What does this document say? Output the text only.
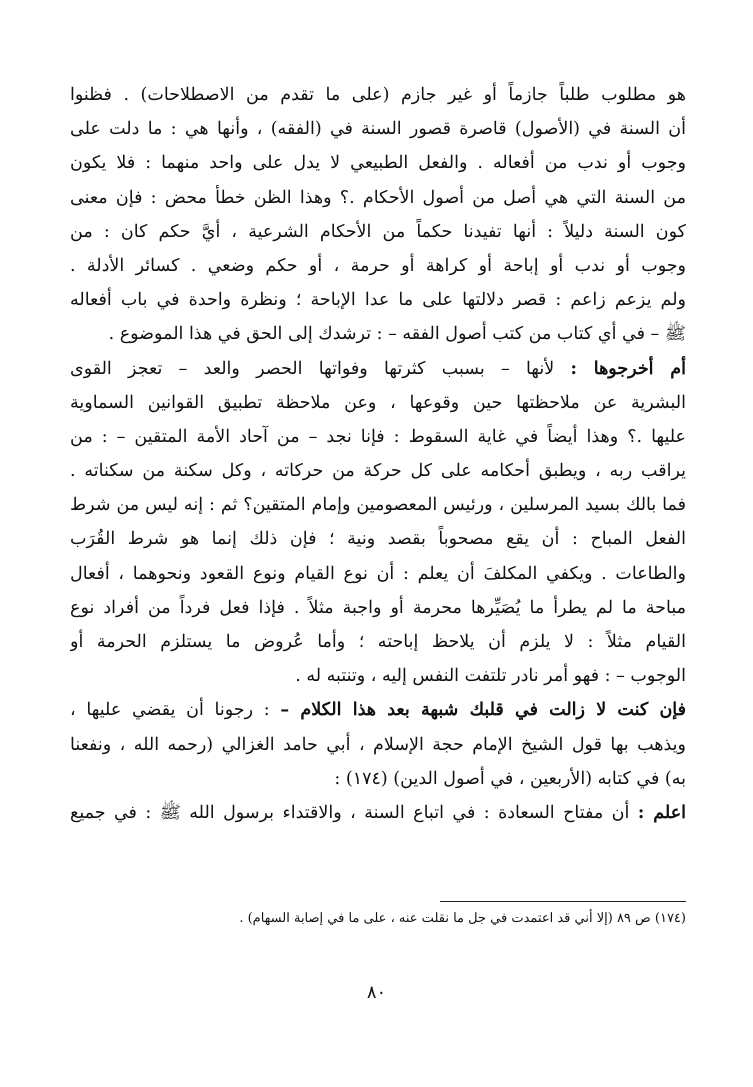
هو مطلوب طلباً جازماً أو غير جازم (على ما تقدم من الاصطلاحات) . فظنوا
أن السنة في (الأصول) قاصرة قصور السنة في (الفقه) ، وأنها هي : ما دلت على
وجوب أو ندب من أفعاله . والفعل الطبيعي لا يدل على واحد منهما : فلا يكون
من السنة التي هي أصل من أصول الأحكام .؟ وهذا الظن خطأ محض : فإن معنى
كون السنة دليلاً : أنها تفيدنا حكماً من الأحكام الشرعية ، أيَّ حكم كان : من
وجوب أو ندب أو إباحة أو كراهة أو حرمة ، أو حكم وضعي . كسائر الأدلة .
ولم يزعم زاعم : قصر دلالتها على ما عدا الإباحة ؛ ونظرة واحدة في باب أفعاله
ﷺ – في أي كتاب من كتب أصول الفقه – : ترشدك إلى الحق في هذا الموضوع .
أم أخرجوها : لأنها – بسبب كثرتها وفواتها الحصر والعد – تعجز القوى
البشرية عن ملاحظتها حين وقوعها ، وعن ملاحظة تطبيق القوانين السماوية
عليها .؟ وهذا أيضاً في غاية السقوط : فإنا نجد – من آحاد الأمة المتقين – : من
يراقب ربه ، ويطبق أحكامه على كل حركة من حركاته ، وكل سكنة من سكناته .
فما بالك بسيد المرسلين ، ورئيس المعصومين وإمام المتقين؟ ثم : إنه ليس من شرط
الفعل المباح : أن يقع مصحوباً بقصد ونية ؛ فإن ذلك إنما هو شرط القُرَب
والطاعات . ويكفي المكلفَ أن يعلم : أن نوع القيام ونوع القعود ونحوهما ، أفعال
مباحة ما لم يطرأ ما يُصَيِّرها محرمة أو واجبة مثلاً . فإذا فعل فرداً من أفراد نوع
القيام مثلاً : لا يلزم أن يلاحظ إباحته ؛ وأما عُروض ما يستلزم الحرمة أو
الوجوب – : فهو أمر نادر تلتفت النفس إليه ، وتنتبه له .
فإن كنت لا زالت في قلبك شبهة بعد هذا الكلام – : رجونا أن يقضي عليها ،
ويذهب بها قول الشيخ الإمام حجة الإسلام ، أبي حامد الغزالي (رحمه الله ، ونفعنا
به) في كتابه (الأربعين ، في أصول الدين) (١٧٤) :
اعلم : أن مفتاح السعادة : في اتباع السنة ، والاقتداء برسول الله ﷺ : في جميع
(١٧٤) ص ٨٩ (إلا أني قد اعتمدت في جل ما نقلت عنه ، على ما في إصابة السهام) .
٨٠
